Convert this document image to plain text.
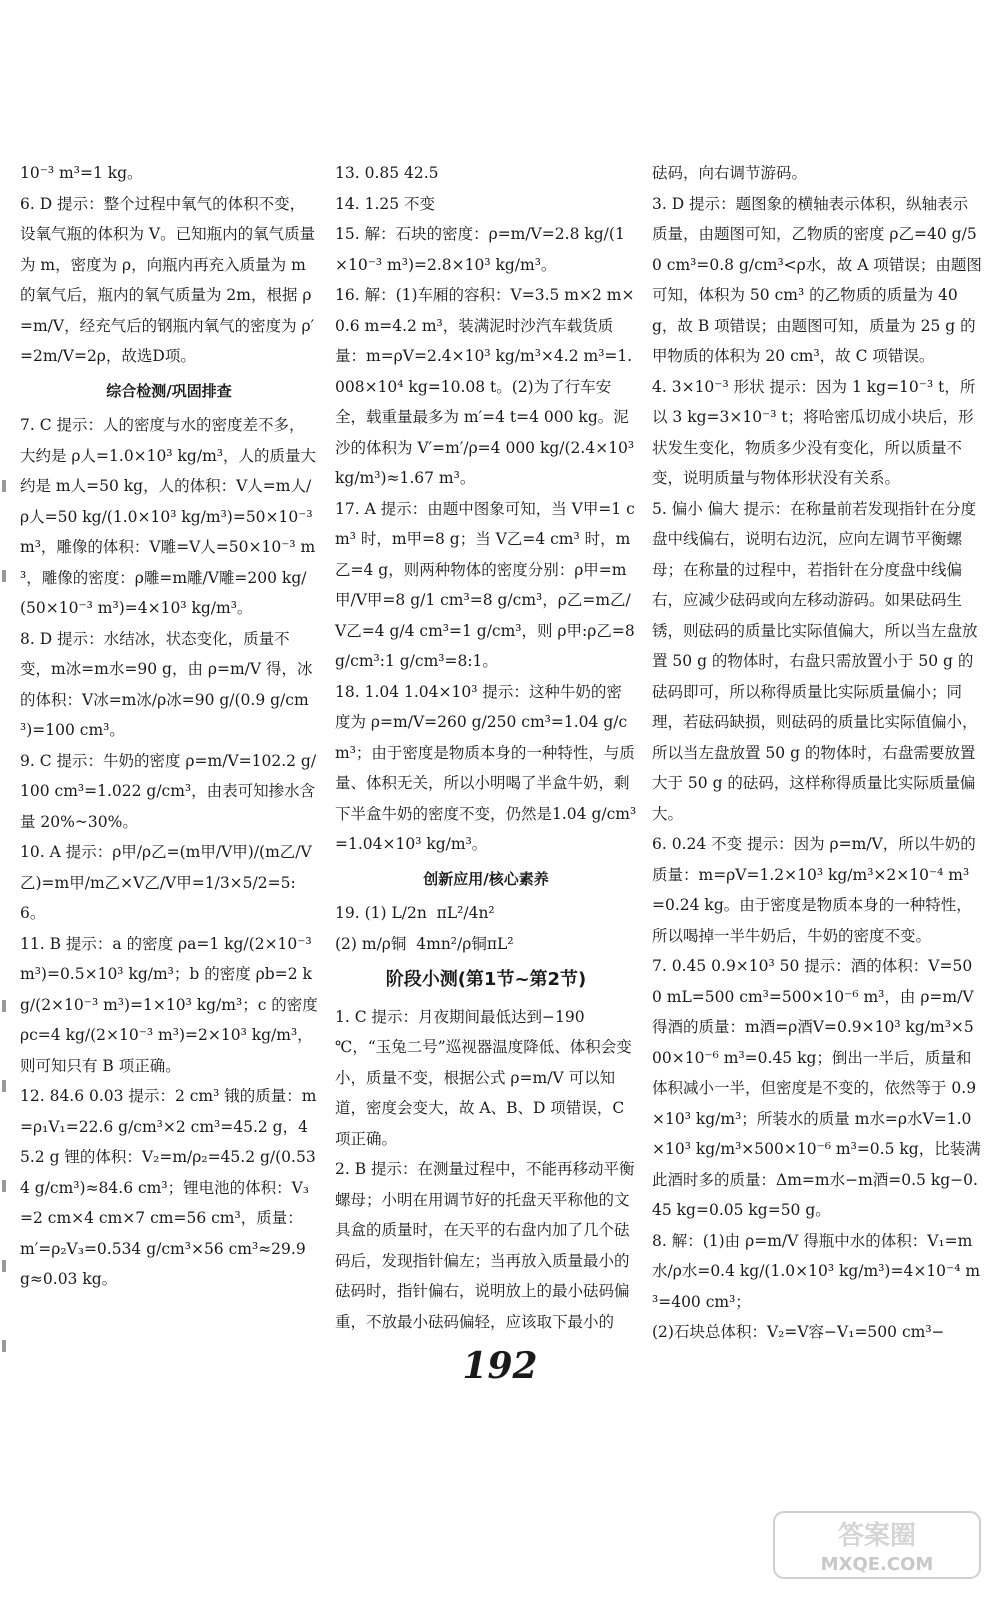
10⁻³ m³=1 kg。

6. D 提示：整个过程中氧气的体积不变，设氧气瓶的体积为 V。已知瓶内的氧气质量为 m，密度为 ρ，向瓶内再充入质量为 m 的氧气后，瓶内的氧气质量为 2m，根据 ρ=m/V，经充气后的钢瓶内氧气的密度为 ρ′=2m/V=2ρ，故选D项。

综合检测/巩固排查

7. C 提示：人的密度与水的密度差不多，大约是 ρ人=1.0×10³ kg/m³，人的质量大约是 m人=50 kg，人的体积：V人=m人/ρ人=50 kg/(1.0×10³ kg/m³)=50×10⁻³ m³，雕像的体积：V雕=V人=50×10⁻³ m³，雕像的密度：ρ雕=m雕/V雕=200 kg/(50×10⁻³ m³)=4×10³ kg/m³。

8. D 提示：水结冰，状态变化，质量不变，m冰=m水=90 g，由 ρ=m/V 得，冰的体积：V冰=m冰/ρ冰=90 g/(0.9 g/cm³)=100 cm³。

9. C 提示：牛奶的密度 ρ=m/V=102.2 g/100 cm³=1.022 g/cm³，由表可知掺水含量 20%~30%。

10. A 提示：ρ甲/ρ乙=(m甲/V甲)/(m乙/V乙)=m甲/m乙×V乙/V甲=1/3×5/2=5:6。

11. B 提示：a 的密度 ρa=1 kg/(2×10⁻³ m³)=0.5×10³ kg/m³；b 的密度 ρb=2 kg/(2×10⁻³ m³)=1×10³ kg/m³；c 的密度 ρc=4 kg/(2×10⁻³ m³)=2×10³ kg/m³，则可知只有 B 项正确。

12. 84.6 0.03 提示：2 cm³ 锇的质量：m=ρ₁V₁=22.6 g/cm³×2 cm³=45.2 g，45.2 g 锂的体积：V₂=m/ρ₂=45.2 g/(0.534 g/cm³)≈84.6 cm³；锂电池的体积：V₃=2 cm×4 cm×7 cm=56 cm³，质量：m′=ρ₂V₃=0.534 g/cm³×56 cm³≈29.9 g≈0.03 kg。

13. 0.85 42.5

14. 1.25 不变

15. 解：石块的密度：ρ=m/V=2.8 kg/(1×10⁻³ m³)=2.8×10³ kg/m³。

16. 解：(1)车厢的容积：V=3.5 m×2 m×0.6 m=4.2 m³，装满泥时沙汽车载货质量：m=ρV=2.4×10³ kg/m³×4.2 m³=1.008×10⁴ kg=10.08 t。(2)为了行车安全，载重量最多为 m′=4 t=4 000 kg。泥沙的体积为 V′=m′/ρ=4 000 kg/(2.4×10³ kg/m³)≈1.67 m³。

17. A 提示：由题中图象可知，当 V甲=1 cm³ 时，m甲=8 g；当 V乙=4 cm³ 时，m乙=4 g，则两种物体的密度分别：ρ甲=m甲/V甲=8 g/1 cm³=8 g/cm³，ρ乙=m乙/V乙=4 g/4 cm³=1 g/cm³，则 ρ甲:ρ乙=8 g/cm³:1 g/cm³=8:1。

18. 1.04 1.04×10³ 提示：这种牛奶的密度为 ρ=m/V=260 g/250 cm³=1.04 g/cm³；由于密度是物质本身的一种特性，与质量、体积无关，所以小明喝了半盒牛奶，剩下半盒牛奶的密度不变，仍然是1.04 g/cm³=1.04×10³ kg/m³。

创新应用/核心素养

19. (1) L/2n  πL²/4n²

(2) m/ρ铜  4mn²/ρ铜πL²

阶段小测(第1节~第2节)

1. C 提示：月夜期间最低达到−190 ℃，“玉兔二号”巡视器温度降低、体积会变小，质量不变，根据公式 ρ=m/V 可以知道，密度会变大，故 A、B、D 项错误，C 项正确。

2. B 提示：在测量过程中，不能再移动平衡螺母；小明在用调节好的托盘天平称他的文具盒的质量时，在天平的右盘内加了几个砝码后，发现指针偏左；当再放入质量最小的砝码时，指针偏右，说明放上的最小砝码偏重，不放最小砝码偏轻，应该取下最小的

砝码，向右调节游码。

3. D 提示：题图象的横轴表示体积，纵轴表示质量，由题图可知，乙物质的密度 ρ乙=40 g/50 cm³=0.8 g/cm³<ρ水，故 A 项错误；由题图可知，体积为 50 cm³ 的乙物质的质量为 40 g，故 B 项错误；由题图可知，质量为 25 g 的甲物质的体积为 20 cm³，故 C 项错误。

4. 3×10⁻³ 形状 提示：因为 1 kg=10⁻³ t，所以 3 kg=3×10⁻³ t；将哈密瓜切成小块后，形状发生变化，物质多少没有变化，所以质量不变，说明质量与物体形状没有关系。

5. 偏小 偏大 提示：在称量前若发现指针在分度盘中线偏右，说明右边沉，应向左调节平衡螺母；在称量的过程中，若指针在分度盘中线偏右，应减少砝码或向左移动游码。如果砝码生锈，则砝码的质量比实际值偏大，所以当左盘放置 50 g 的物体时，右盘只需放置小于 50 g 的砝码即可，所以称得质量比实际质量偏小；同理，若砝码缺损，则砝码的质量比实际值偏小，所以当左盘放置 50 g 的物体时，右盘需要放置大于 50 g 的砝码，这样称得质量比实际质量偏大。

6. 0.24 不变 提示：因为 ρ=m/V，所以牛奶的质量：m=ρV=1.2×10³ kg/m³×2×10⁻⁴ m³=0.24 kg。由于密度是物质本身的一种特性，所以喝掉一半牛奶后，牛奶的密度不变。

7. 0.45 0.9×10³ 50 提示：酒的体积：V=500 mL=500 cm³=500×10⁻⁶ m³，由 ρ=m/V 得酒的质量：m酒=ρ酒V=0.9×10³ kg/m³×500×10⁻⁶ m³=0.45 kg；倒出一半后，质量和体积减小一半，但密度是不变的，依然等于 0.9×10³ kg/m³；所装水的质量 m水=ρ水V=1.0×10³ kg/m³×500×10⁻⁶ m³=0.5 kg，比装满此酒时多的质量：Δm=m水−m酒=0.5 kg−0.45 kg=0.05 kg=50 g。

8. 解：(1)由 ρ=m/V 得瓶中水的体积：V₁=m水/ρ水=0.4 kg/(1.0×10³ kg/m³)=4×10⁻⁴ m³=400 cm³；

(2)石块总体积：V₂=V容−V₁=500 cm³−

192
答案圈
MXQE.COM
